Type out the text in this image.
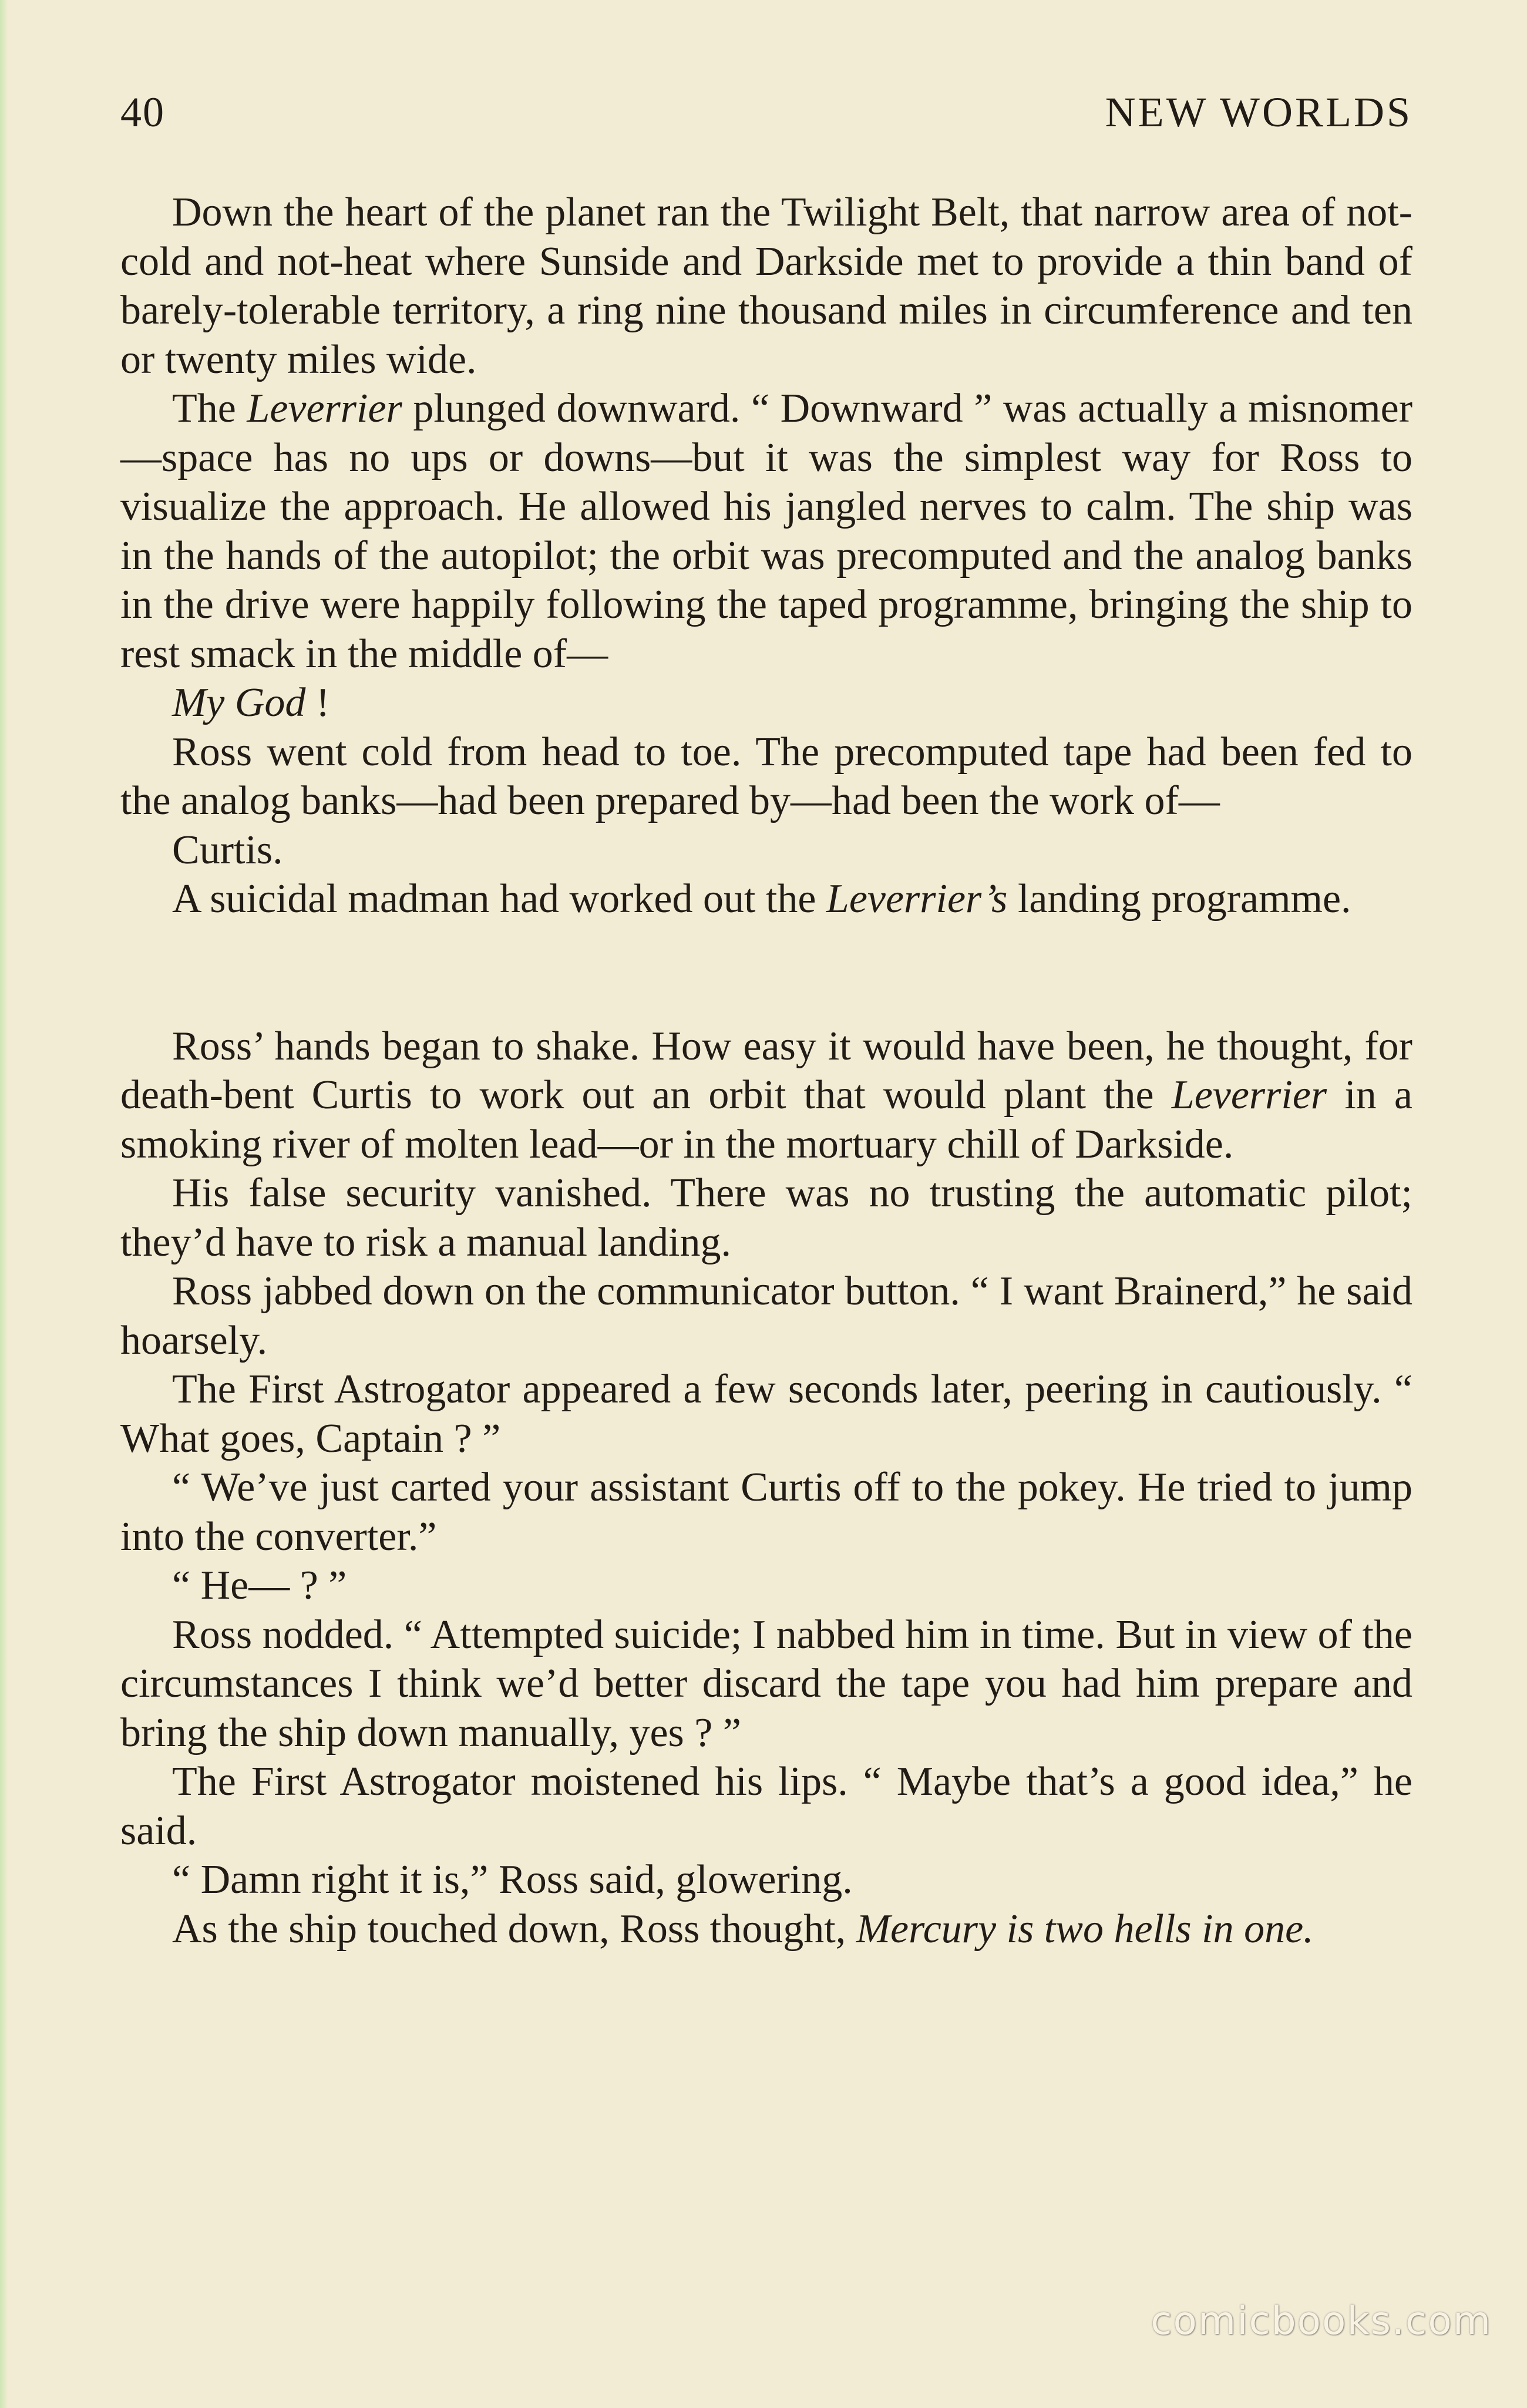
40	NEW WORLDS

Down the heart of the planet ran the Twilight Belt, that narrow area of not-cold and not-heat where Sunside and Darkside met to provide a thin band of barely-tolerable territory, a ring nine thousand miles in circumference and ten or twenty miles wide.

The Leverrier plunged downward. “ Downward ” was actually a misnomer—space has no ups or downs—but it was the simplest way for Ross to visualize the approach. He allowed his jangled nerves to calm. The ship was in the hands of the autopilot; the orbit was precomputed and the analog banks in the drive were happily following the taped programme, bringing the ship to rest smack in the middle of—

My God !

Ross went cold from head to toe. The precomputed tape had been fed to the analog banks—had been prepared by—had been the work of—

Curtis.

A suicidal madman had worked out the Leverrier’s landing programme.

Ross’ hands began to shake. How easy it would have been, he thought, for death-bent Curtis to work out an orbit that would plant the Leverrier in a smoking river of molten lead—or in the mortuary chill of Darkside.

His false security vanished. There was no trusting the automatic pilot; they’d have to risk a manual landing.

Ross jabbed down on the communicator button. “ I want Brainerd,” he said hoarsely.

The First Astrogator appeared a few seconds later, peering in cautiously. “ What goes, Captain ? ”

“ We’ve just carted your assistant Curtis off to the pokey. He tried to jump into the converter.”

“ He— ? ”

Ross nodded. “ Attempted suicide; I nabbed him in time. But in view of the circumstances I think we’d better discard the tape you had him prepare and bring the ship down manually, yes ? ”

The First Astrogator moistened his lips. “ Maybe that’s a good idea,” he said.

“ Damn right it is,” Ross said, glowering.

As the ship touched down, Ross thought, Mercury is two hells in one.

comicbooks.com
